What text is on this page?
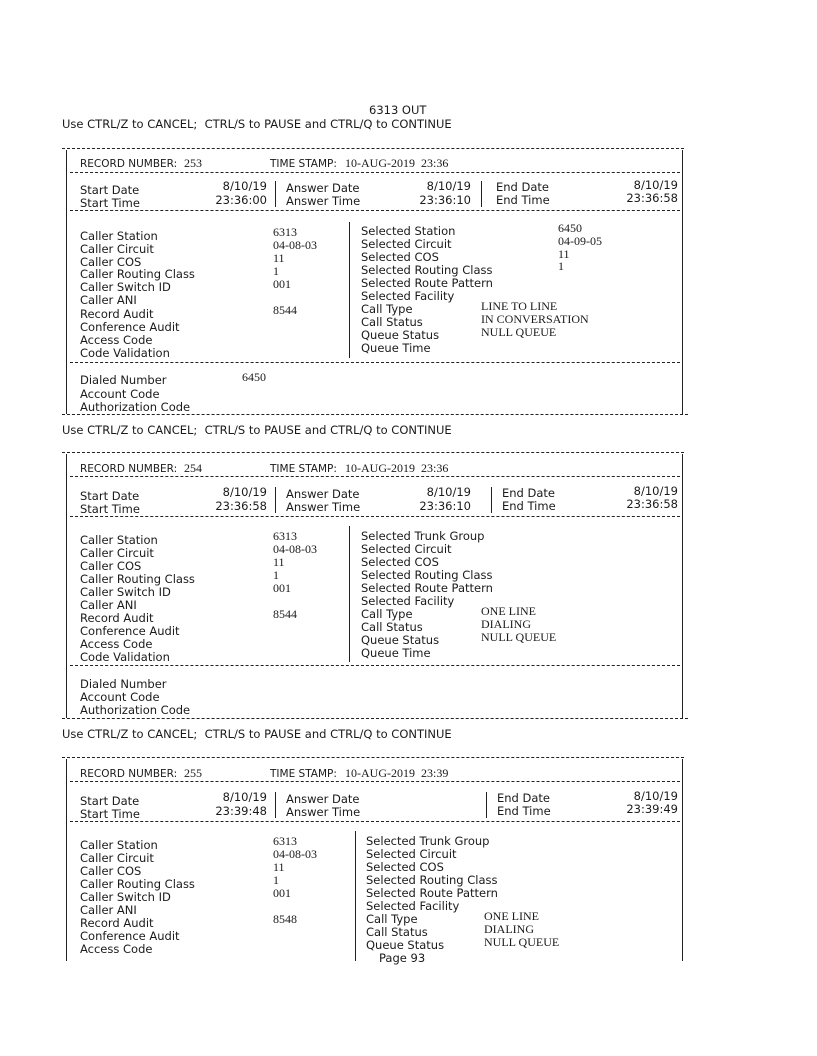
6313 OUT
Use CTRL/Z to CANCEL;  CTRL/S to PAUSE and CTRL/Q to CONTINUE
RECORD NUMBER: 253	TIME STAMP: 10-AUG-2019  23:36
Start Date	8/10/19
Start Time	23:36:00
Answer Date	8/10/19
Answer Time	23:36:10
End Date	8/10/19
End Time	23:36:58
Caller Station	6313
Caller Circuit	04-08-03
Caller COS	11
Caller Routing Class	1
Caller Switch ID	001
Caller ANI
Record Audit	8544
Conference Audit
Access Code
Code Validation
Selected Station	6450
Selected Circuit	04-09-05
Selected COS	11
Selected Routing Class	1
Selected Route Pattern
Selected Facility
Call Type	LINE TO LINE
Call Status	IN CONVERSATION
Queue Status	NULL QUEUE
Queue Time
Dialed Number	6450
Account Code
Authorization Code
Use CTRL/Z to CANCEL;  CTRL/S to PAUSE and CTRL/Q to CONTINUE
RECORD NUMBER: 254	TIME STAMP: 10-AUG-2019  23:36
Start Date	8/10/19
Start Time	23:36:58
Answer Date	8/10/19
Answer Time	23:36:10
End Date	8/10/19
End Time	23:36:58
Caller Station	6313
Caller Circuit	04-08-03
Caller COS	11
Caller Routing Class	1
Caller Switch ID	001
Caller ANI
Record Audit	8544
Conference Audit
Access Code
Code Validation
Selected Trunk Group
Selected Circuit
Selected COS
Selected Routing Class
Selected Route Pattern
Selected Facility
Call Type	ONE LINE
Call Status	DIALING
Queue Status	NULL QUEUE
Queue Time
Dialed Number
Account Code
Authorization Code
Use CTRL/Z to CANCEL;  CTRL/S to PAUSE and CTRL/Q to CONTINUE
RECORD NUMBER: 255	TIME STAMP: 10-AUG-2019  23:39
Start Date	8/10/19
Start Time	23:39:48
Answer Date
Answer Time
End Date	8/10/19
End Time	23:39:49
Caller Station	6313
Caller Circuit	04-08-03
Caller COS	11
Caller Routing Class	1
Caller Switch ID	001
Caller ANI
Record Audit	8548
Conference Audit
Access Code
Selected Trunk Group
Selected Circuit
Selected COS
Selected Routing Class
Selected Route Pattern
Selected Facility
Call Type	ONE LINE
Call Status	DIALING
Queue Status	NULL QUEUE
Page 93
